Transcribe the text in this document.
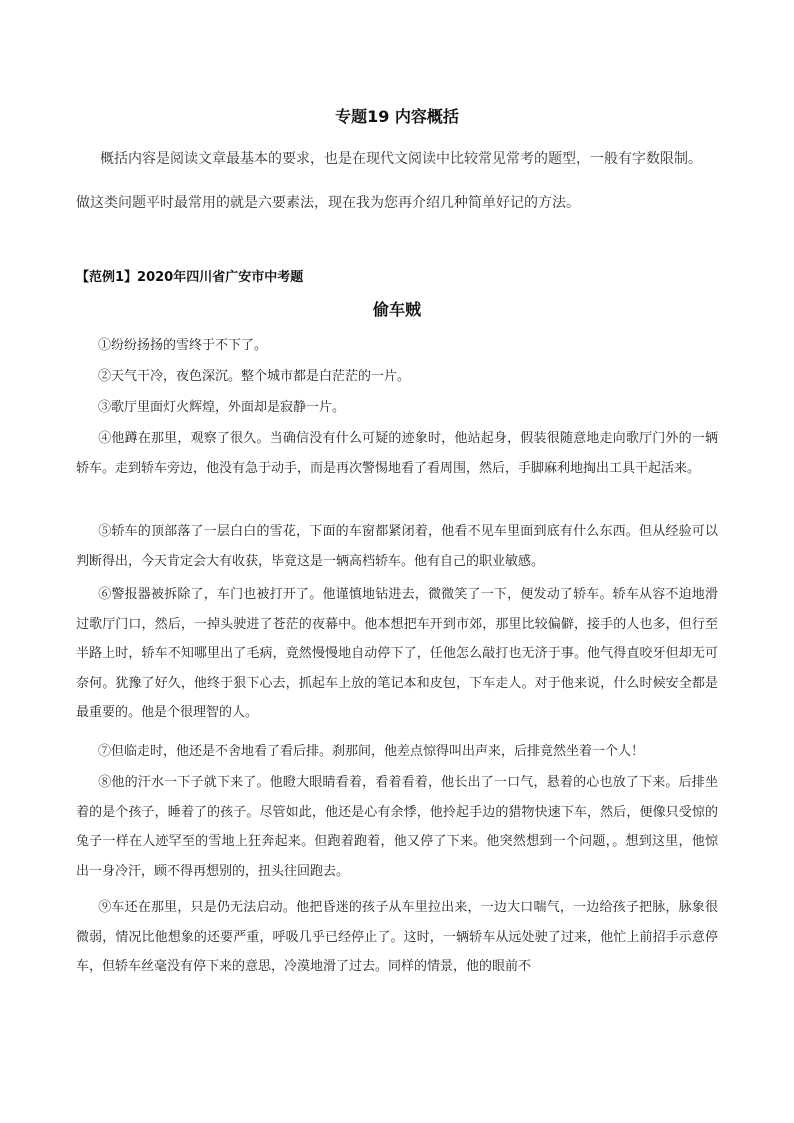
专题19 内容概括
概括内容是阅读文章最基本的要求，也是在现代文阅读中比较常见常考的题型，一般有字数限制。
做这类问题平时最常用的就是六要素法，现在我为您再介绍几种简单好记的方法。
【范例1】2020年四川省广安市中考题
偷车贼
①纷纷扬扬的雪终于不下了。
②天气干冷，夜色深沉。整个城市都是白茫茫的一片。
③歌厅里面灯火辉煌，外面却是寂静一片。
④他蹲在那里，观察了很久。当确信没有什么可疑的迹象时，他站起身，假装很随意地走向歌厅门外的一辆轿车。走到轿车旁边，他没有急于动手，而是再次警惕地看了看周围，然后，手脚麻利地掏出工具干起活来。
⑤轿车的顶部落了一层白白的雪花，下面的车窗都紧闭着，他看不见车里面到底有什么东西。但从经验可以判断得出，今天肯定会大有收获，毕竟这是一辆高档轿车。他有自己的职业敏感。
⑥警报器被拆除了，车门也被打开了。他谨慎地钻进去，微微笑了一下，便发动了轿车。轿车从容不迫地滑过歌厅门口，然后，一掉头驶进了苍茫的夜幕中。他本想把车开到市郊，那里比较偏僻，接手的人也多，但行至半路上时，轿车不知哪里出了毛病，竟然慢慢地自动停下了，任他怎么敲打也无济于事。他气得直咬牙但却无可奈何。犹豫了好久，他终于狠下心去，抓起车上放的笔记本和皮包，下车走人。对于他来说，什么时候安全都是最重要的。他是个很理智的人。
⑦但临走时，他还是不舍地看了看后排。刹那间，他差点惊得叫出声来，后排竟然坐着一个人！
⑧他的汗水一下子就下来了。他瞪大眼睛看着，看着看着，他长出了一口气，悬着的心也放了下来。后排坐着的是个孩子，睡着了的孩子。尽管如此，他还是心有余悸，他拎起手边的猎物快速下车，然后，便像只受惊的兔子一样在人迹罕至的雪地上狂奔起来。但跑着跑着，他又停了下来。他突然想到一个问题，。想到这里，他惊出一身冷汗，顾不得再想别的，扭头往回跑去。
⑨车还在那里，只是仍无法启动。他把昏迷的孩子从车里拉出来，一边大口喘气，一边给孩子把脉，脉象很微弱，情况比他想象的还要严重，呼吸几乎已经停止了。这时，一辆轿车从远处驶了过来，他忙上前招手示意停车，但轿车丝毫没有停下来的意思，冷漠地滑了过去。同样的情景，他的眼前不
